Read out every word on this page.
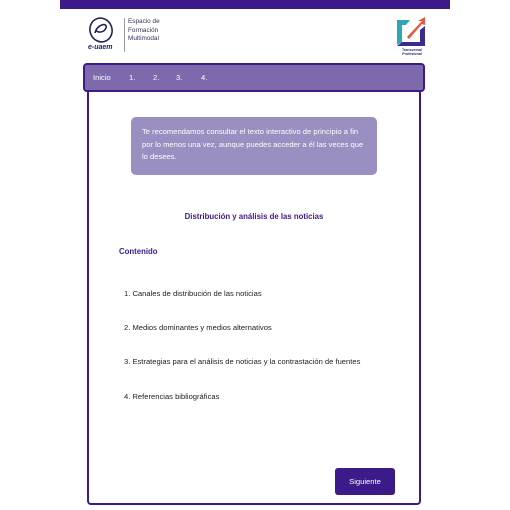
e-uaem
Espacio de
Formación
Multimodal
Transversal
Profesional
Inicio 1. 2. 3. 4.
Te recomendamos consultar el texto interactivo de principio a fin por lo menos una vez, aunque puedes acceder a él las veces que lo desees.
Distribución y análisis de las noticias
Contenido
1. Canales de distribución de las noticias
2. Medios dominantes y medios alternativos
3. Estrategias para el análisis de noticias y la contrastación de fuentes
4. Referencias bibliográficas
Siguiente
